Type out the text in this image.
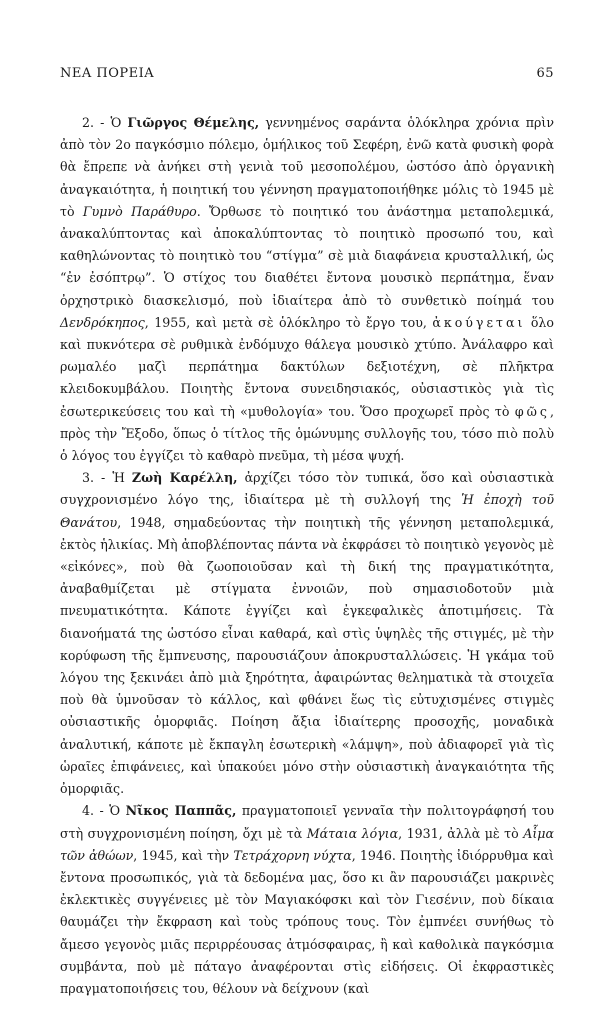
ΝΕΑ ΠΟΡΕΙΑ	65

2. - Ὁ Γιῶργος Θέμελης, γεννημένος σαράντα ὁλόκληρα χρόνια πρὶν ἀπὸ τὸν 2ο παγκόσμιο πόλεμο, ὁμήλικος τοῦ Σεφέρη, ἐνῶ κατὰ φυσικὴ φορὰ θὰ ἔπρεπε νὰ ἀνήκει στὴ γενιὰ τοῦ μεσοπολέμου, ὡστόσο ἀπὸ ὀργανικὴ ἀναγκαιότητα, ἡ ποιητική του γέννηση πραγματοποιήθηκε μόλις τὸ 1945 μὲ τὸ Γυμνὸ Παράθυρο. Ὄρθωσε τὸ ποιητικό του ἀνάστημα μεταπολεμικά, ἀνακαλύπτοντας καὶ ἀποκαλύπτοντας τὸ ποιητικὸ προσωπό του, καὶ καθηλώνοντας τὸ ποιητικὸ του “στίγμα” σὲ μιὰ διαφάνεια κρυσταλλική, ὡς “ἐν ἐσόπτρῳ”. Ὁ στίχος του διαθέτει ἔντονα μουσικὸ περπάτημα, ἕναν ὀρχηστρικὸ διασκελισμό, ποὺ ἰδιαίτερα ἀπὸ τὸ συνθετικὸ ποίημά του Δενδρόκηπος, 1955, καὶ μετὰ σὲ ὁλόκληρο τὸ ἔργο του, ἀκούγεται ὅλο καὶ πυκνότερα σὲ ρυθμικὰ ἐνδόμυχο θάλεγα μουσικὸ χτύπο. Ἀνάλαφρο καὶ ρωμαλέο μαζὶ περπάτημα δακτύλων δεξιοτέχνη, σὲ πλῆκτρα κλειδοκυμβάλου. Ποιητὴς ἔντονα συνειδησιακός, οὐσιαστικὸς γιὰ τὶς ἐσωτερικεύσεις του καὶ τὴ «μυθολογία» του. Ὅσο προχωρεῖ πρὸς τὸ φῶς, πρὸς τὴν Ἔξοδο, ὅπως ὁ τίτλος τῆς ὁμώνυμης συλλογῆς του, τόσο πιὸ πολὺ ὁ λόγος του ἐγγίζει τὸ καθαρὸ πνεῦμα, τὴ μέσα ψυχή.

3. - Ἡ Ζωὴ Καρέλλη, ἀρχίζει τόσο τὸν τυπικά, ὅσο καὶ οὐσιαστικὰ συγχρονισμένο λόγο της, ἰδιαίτερα μὲ τὴ συλλογή της Ἡ ἐποχὴ τοῦ Θανάτου, 1948, σημαδεύοντας τὴν ποιητικὴ τῆς γέννηση μεταπολεμικά, ἐκτὸς ἡλικίας. Μὴ ἀποβλέποντας πάντα νὰ ἐκφράσει τὸ ποιητικὸ γεγονὸς μὲ «εἰκόνες», ποὺ θὰ ζωοποιοῦσαν καὶ τὴ δική της πραγματικότητα, ἀναβαθμίζεται μὲ στίγματα ἐννοιῶν, ποὺ σημασιοδοτοῦν μιὰ πνευματικότητα. Κάποτε ἐγγίζει καὶ ἐγκεφαλικὲς ἀποτιμήσεις. Τὰ διανοήματά της ὡστόσο εἶναι καθαρά, καὶ στὶς ὑψηλὲς τῆς στιγμές, μὲ τὴν κορύφωση τῆς ἔμπνευσης, παρουσιάζουν ἀποκρυσταλλώσεις. Ἡ γκάμα τοῦ λόγου της ξεκινάει ἀπὸ μιὰ ξηρότητα, ἀφαιρώντας θεληματικὰ τὰ στοιχεῖα ποὺ θὰ ὑμνοῦσαν τὸ κάλλος, καὶ φθάνει ἕως τὶς εὐτυχισμένες στιγμὲς οὐσιαστικῆς ὀμορφιᾶς. Ποίηση ἄξια ἰδιαίτερης προσοχῆς, μοναδικὰ ἀναλυτική, κάποτε μὲ ἔκπαγλη ἐσωτερικὴ «λάμψη», ποὺ ἀδιαφορεῖ γιὰ τὶς ὡραῖες ἐπιφάνειες, καὶ ὑπακούει μόνο στὴν οὐσιαστικὴ ἀναγκαιότητα τῆς ὀμορφιᾶς.

4. - Ὁ Νῖκος Παππᾶς, πραγματοποιεῖ γενναῖα τὴν πολιτογράφησή του στὴ συγχρονισμένη ποίηση, ὄχι μὲ τὰ Μάταια λόγια, 1931, ἀλλὰ μὲ τὸ Αἷμα τῶν ἀθώων, 1945, καὶ τὴν Τετράχορνη νύχτα, 1946. Ποιητὴς ἰδιόρρυθμα καὶ ἔντονα προσωπικός, γιὰ τὰ δεδομένα μας, ὅσο κι ἂν παρουσιάζει μακρινὲς ἐκλεκτικὲς συγγένειες μὲ τὸν Μαγιακόφσκι καὶ τὸν Γιεσένιν, ποὺ δίκαια θαυμάζει τὴν ἔκφραση καὶ τοὺς τρόπους τους. Τὸν ἐμπνέει συνήθως τὸ ἄμεσο γεγονὸς μιᾶς περιρρέουσας ἀτμόσφαιρας, ἢ καὶ καθολικὰ παγκόσμια συμβάντα, ποὺ μὲ πάταγο ἀναφέρονται στὶς εἰδήσεις. Οἱ ἐκφραστικὲς πραγματοποιήσεις του, θέλουν νὰ δείχνουν (καὶ
